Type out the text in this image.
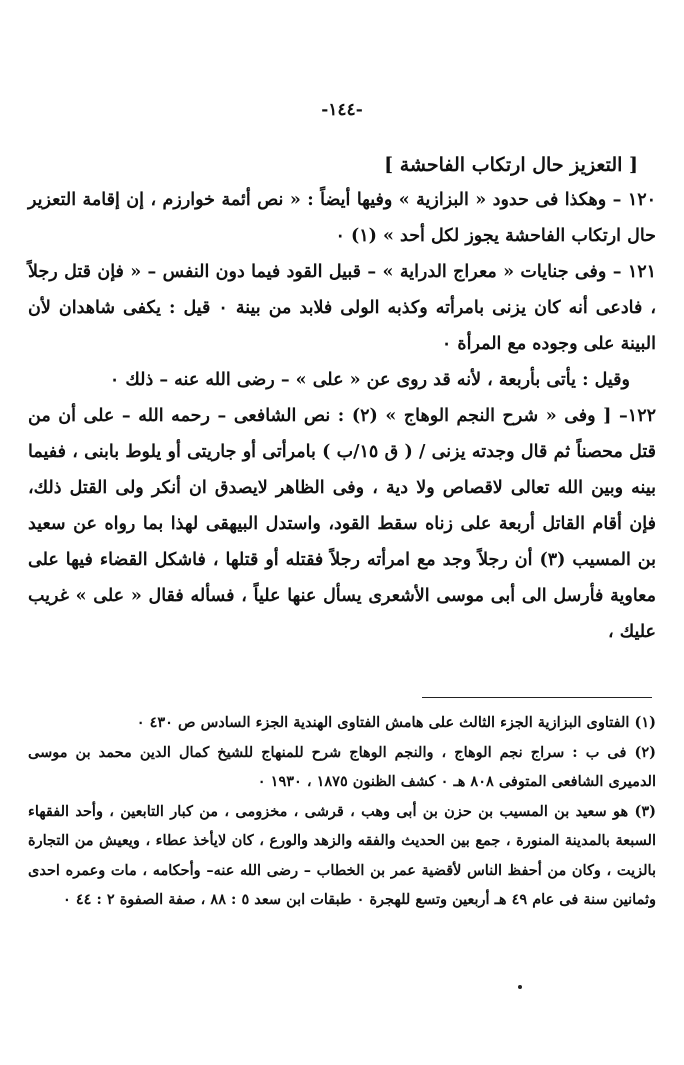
-١٤٤-

[ التعزيز حال ارتكاب الفاحشة ]

١٢٠ – وهكذا فى حدود « البزازية » وفيها أيضاً : « نص أئمة خوارزم ، إن إقامة التعزير حال ارتكاب الفاحشة يجوز لكل أحد » (١) ٠

١٢١ – وفى جنايات « معراج الدراية » – قبيل القود فيما دون النفس – « فإن قتل رجلاً ، فادعى أنه كان يزنى بامرأته وكذبه الولى فلابد من بينة ٠ قيل : يكفى شاهدان لأن البينة على وجوده مع المرأة ٠

وقيل : يأتى بأربعة ، لأنه قد روى عن « على » – رضى الله عنه – ذلك ٠

١٢٢– [ وفى « شرح النجم الوهاج » (٢) : نص الشافعى – رحمه الله – على أن من قتل محصناً ثم قال وجدته يزنى / ( ق ١٥/ب ) بامرأتى أو جاريتى أو يلوط بابنى ، ففيما بينه وبين الله تعالى لاقصاص ولا دية ، وفى الظاهر لايصدق ان أنكر ولى القتل ذلك، فإن أقام القاتل أربعة على زناه سقط القود، واستدل البيهقى لهذا بما رواه عن سعيد بن المسيب (٣) أن رجلاً وجد مع امرأته رجلاً فقتله أو قتلها ، فاشكل القضاء فيها على معاوية فأرسل الى أبى موسى الأشعرى يسأل عنها علياً ، فسأله فقال « على » غريب عليك ،

(١) الفتاوى البزازية الجزء الثالث على هامش الفتاوى الهندية الجزء السادس ص ٤٣٠ ٠

(٢) فى ب : سراج نجم الوهاج ، والنجم الوهاج شرح للمنهاج للشيخ كمال الدين محمد بن موسى الدميرى الشافعى المتوفى ٨٠٨ هـ ٠ كشف الظنون ١٨٧٥ ، ١٩٣٠ ٠

(٣) هو سعيد بن المسيب بن حزن بن أبى وهب ، قرشى ، مخزومى ، من كبار التابعين ، وأحد الفقهاء السبعة بالمدينة المنورة ، جمع بين الحديث والفقه والزهد والورع ، كان لايأخذ عطاء ، ويعيش من التجارة بالزيت ، وكان من أحفظ الناس لأقضية عمر بن الخطاب – رضى الله عنه– وأحكامه ، مات وعمره احدى وثمانين سنة فى عام ٤٩ هـ أربعين وتسع للهجرة ٠ طبقات ابن سعد ٥ : ٨٨ ، صفة الصفوة ٢ : ٤٤ ٠
